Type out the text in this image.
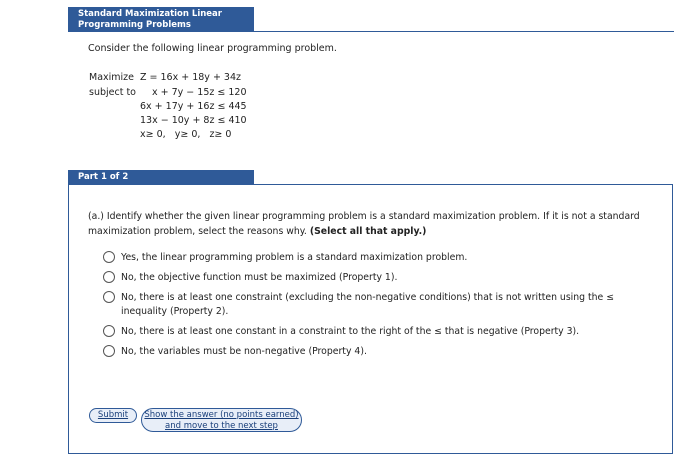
Standard Maximization Linear
Programming Problems
Consider the following linear programming problem.
Maximize Z = 16x + 18y + 34z
subject to x + 7y − 15z ≤ 120
6x + 17y + 16z ≤ 445
13x − 10y + 8z ≤ 410
x≥ 0,   y≥ 0,   z≥ 0
Part 1 of 2
(a.) Identify whether the given linear programming problem is a standard maximization problem. If it is not a standard maximization problem, select the reasons why. (Select all that apply.)
Yes, the linear programming problem is a standard maximization problem.
No, the objective function must be maximized (Property 1).
No, there is at least one constraint (excluding the non-negative conditions) that is not written using the ≤ inequality (Property 2).
No, there is at least one constant in a constraint to the right of the ≤ that is negative (Property 3).
No, the variables must be non-negative (Property 4).
Submit	Show the answer (no points earned) and move to the next step
